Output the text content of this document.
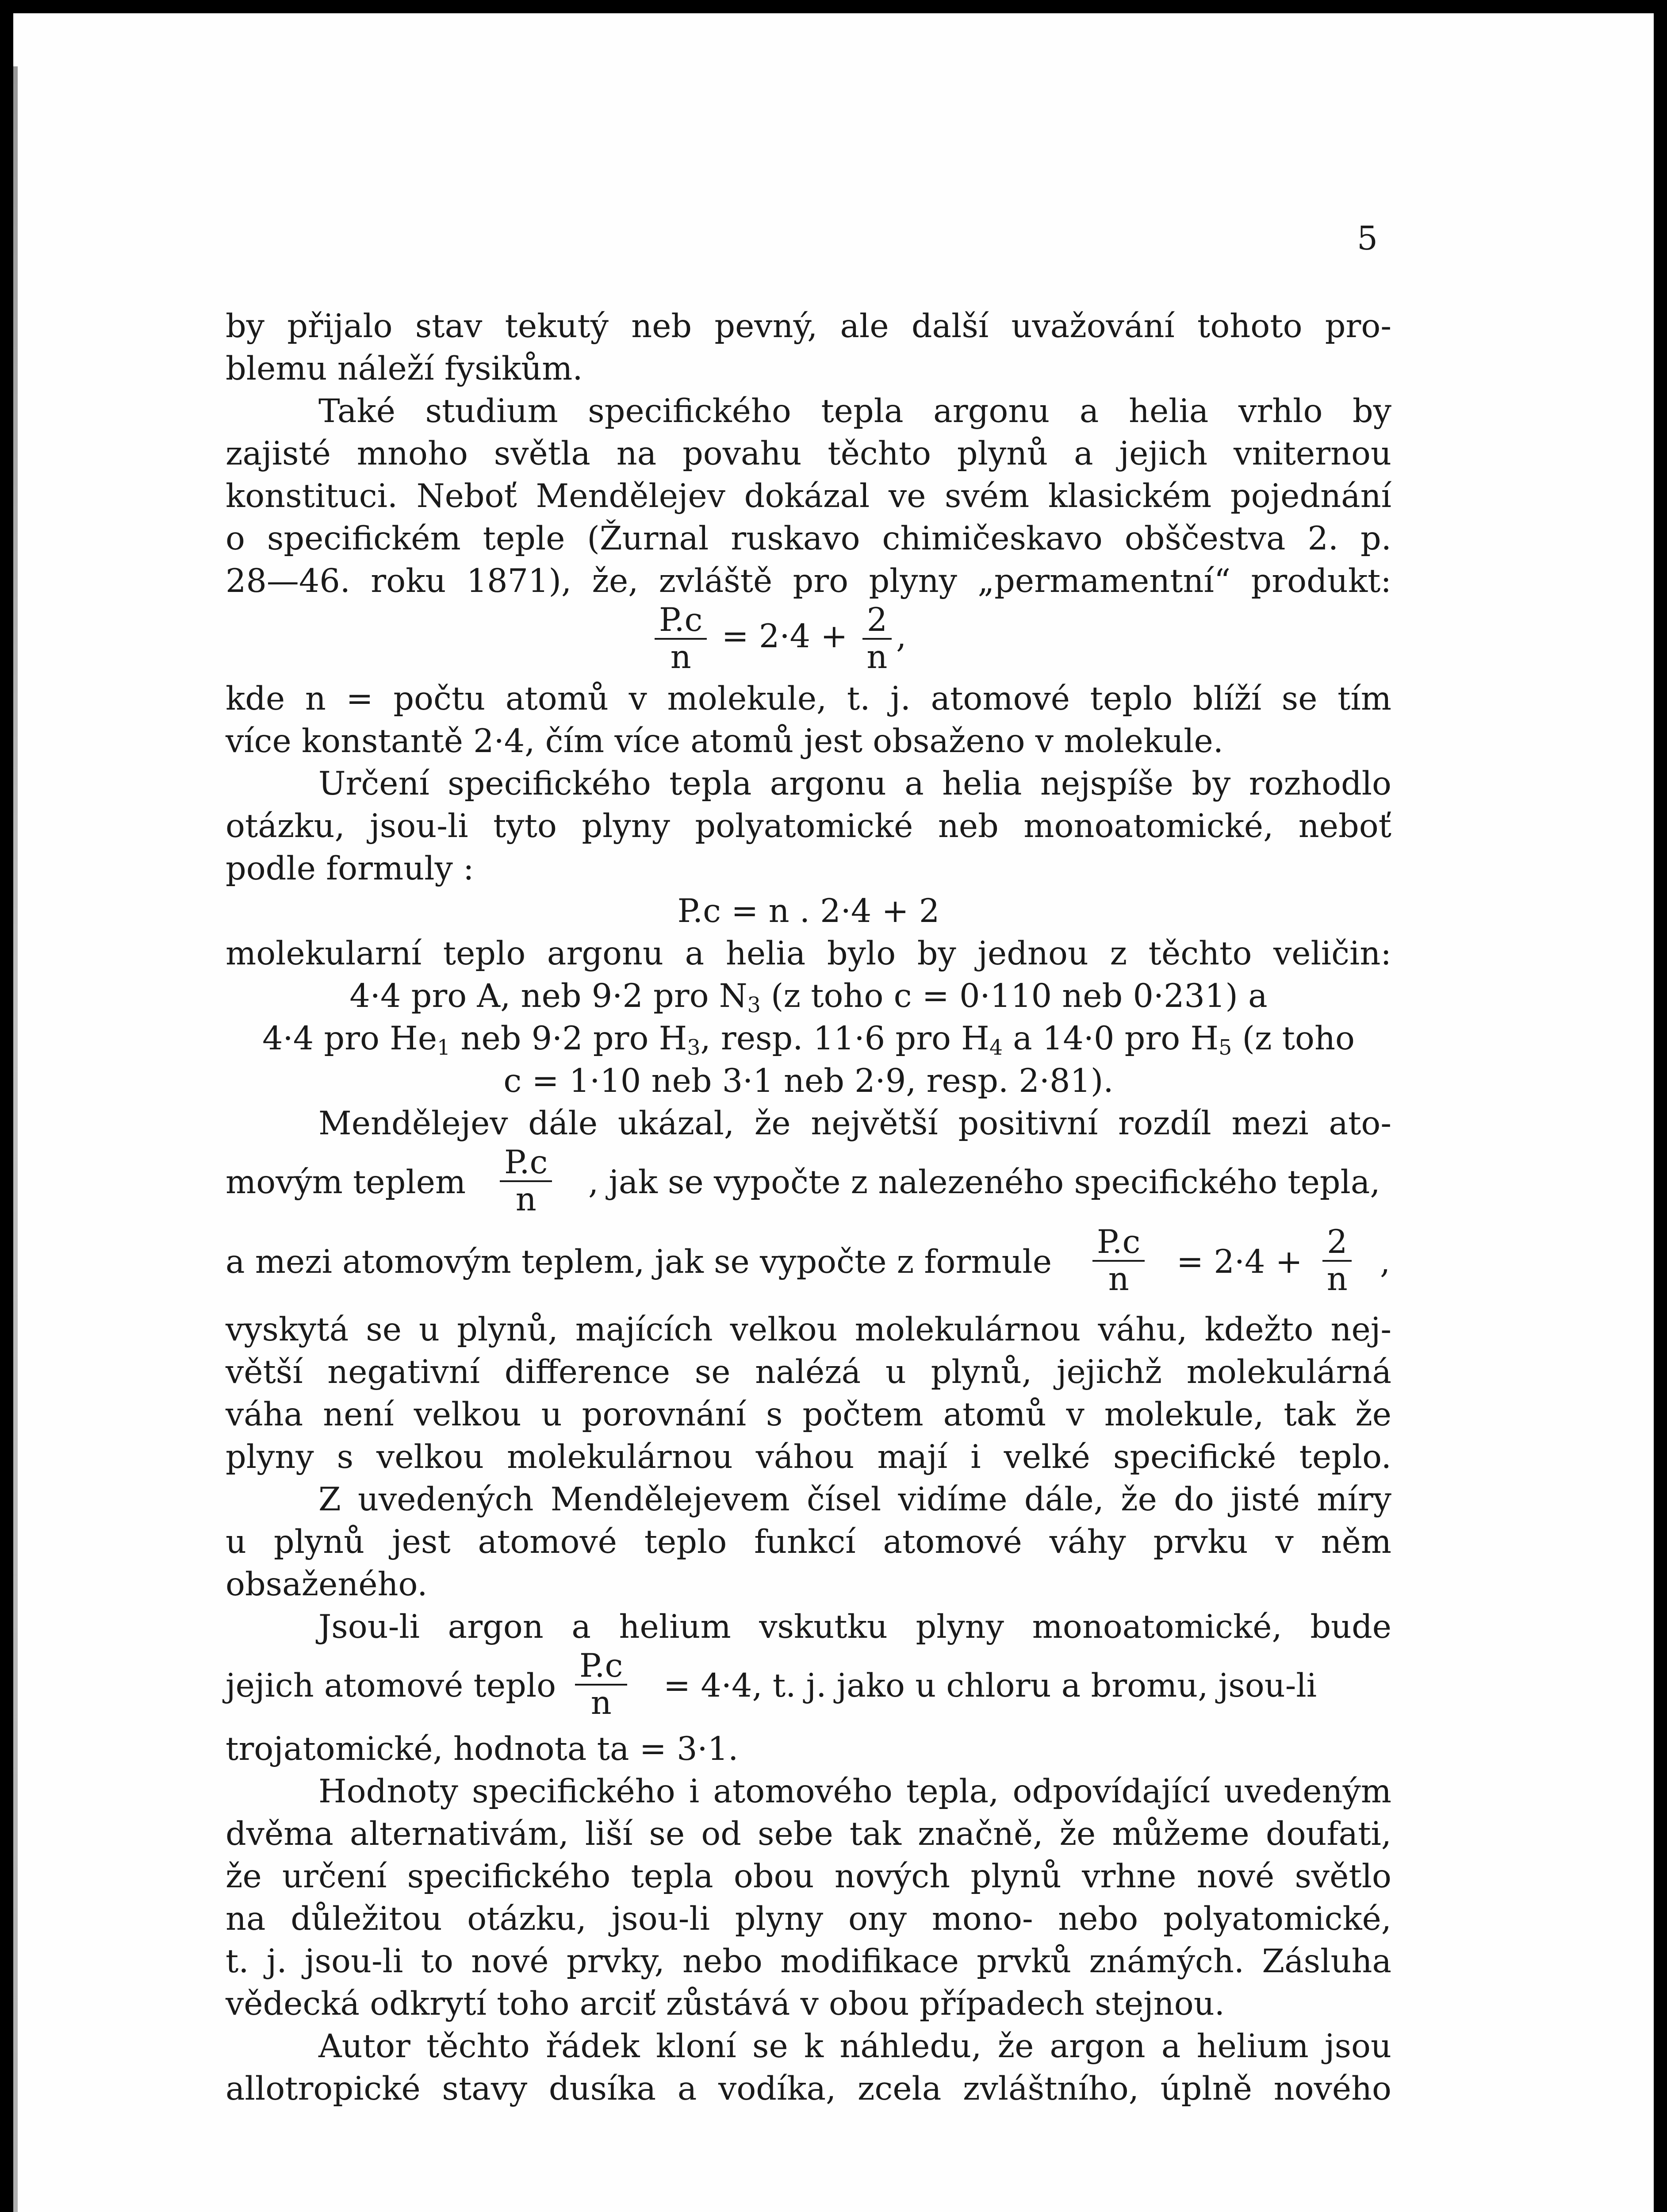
5
by přijalo stav tekutý neb pevný, ale další uvažování tohoto pro-
blemu náleží fysikům.
Také studium specifického tepla argonu a helia vrhlo by
zajisté mnoho světla na povahu těchto plynů a jejich vniternou
konstituci. Neboť Mendělejev dokázal ve svém klasickém pojednání
o specifickém teple (Žurnal ruskavo chimičeskavo obščestva 2. p.
28—46. roku 1871), že, zvláště pro plyny „permamentní“ produkt:
$\frac{P.c}{n} = 2\cdot 4 + \frac{2}{n}$ ,
kde n = počtu atomů v molekule, t. j. atomové teplo blíží se tím
více konstantě 2·4, čím více atomů jest obsaženo v molekule.
Určení specifického tepla argonu a helia nejspíše by rozhodlo
otázku, jsou-li tyto plyny polyatomické neb monoatomické, neboť
podle formuly :
P.c = n . 2·4 + 2
molekularní teplo argonu a helia bylo by jednou z těchto veličin:
4·4 pro A, neb 9·2 pro $N_3$ (z toho c = 0·110 neb 0·231) a
4·4 pro $He_1$ neb 9·2 pro $H_3$, resp. 11·6 pro $H_4$ a 14·0 pro $H_5$ (z toho
c = 1·10 neb 3·1 neb 2·9, resp. 2·81).
Mendělejev dále ukázal, že největší positivní rozdíl mezi ato-
movým teplem $\frac{P.c}{n}$ , jak se vypočte z nalezeného specifického tepla,
a mezi atomovým teplem, jak se vypočte z formule $\frac{P.c}{n} = 2\cdot 4 + \frac{2}{n}$ ,
vyskytá se u plynů, majících velkou molekulárnou váhu, kdežto nej-
větší negativní difference se nalézá u plynů, jejichž molekulárná
váha není velkou u porovnání s počtem atomů v molekule, tak že
plyny s velkou molekulárnou váhou mají i velké specifické teplo.
Z uvedených Mendělejevem čísel vidíme dále, že do jisté míry
u plynů jest atomové teplo funkcí atomové váhy prvku v něm
obsaženého.
Jsou-li argon a helium vskutku plyny monoatomické, bude
jejich atomové teplo $\frac{P.c}{n} = 4\cdot 4$, t. j. jako u chloru a bromu, jsou-li
trojatomické, hodnota ta = 3·1.
Hodnoty specifického i atomového tepla, odpovídající uvedeným
dvěma alternativám, liší se od sebe tak značně, že můžeme doufati,
že určení specifického tepla obou nových plynů vrhne nové světlo
na důležitou otázku, jsou-li plyny ony mono- nebo polyatomické,
t. j. jsou-li to nové prvky, nebo modifikace prvků známých. Zásluha
vědecká odkrytí toho arciť zůstává v obou případech stejnou.
Autor těchto řádek kloní se k náhledu, že argon a helium jsou
allotropické stavy dusíka a vodíka, zcela zvláštního, úplně nového
